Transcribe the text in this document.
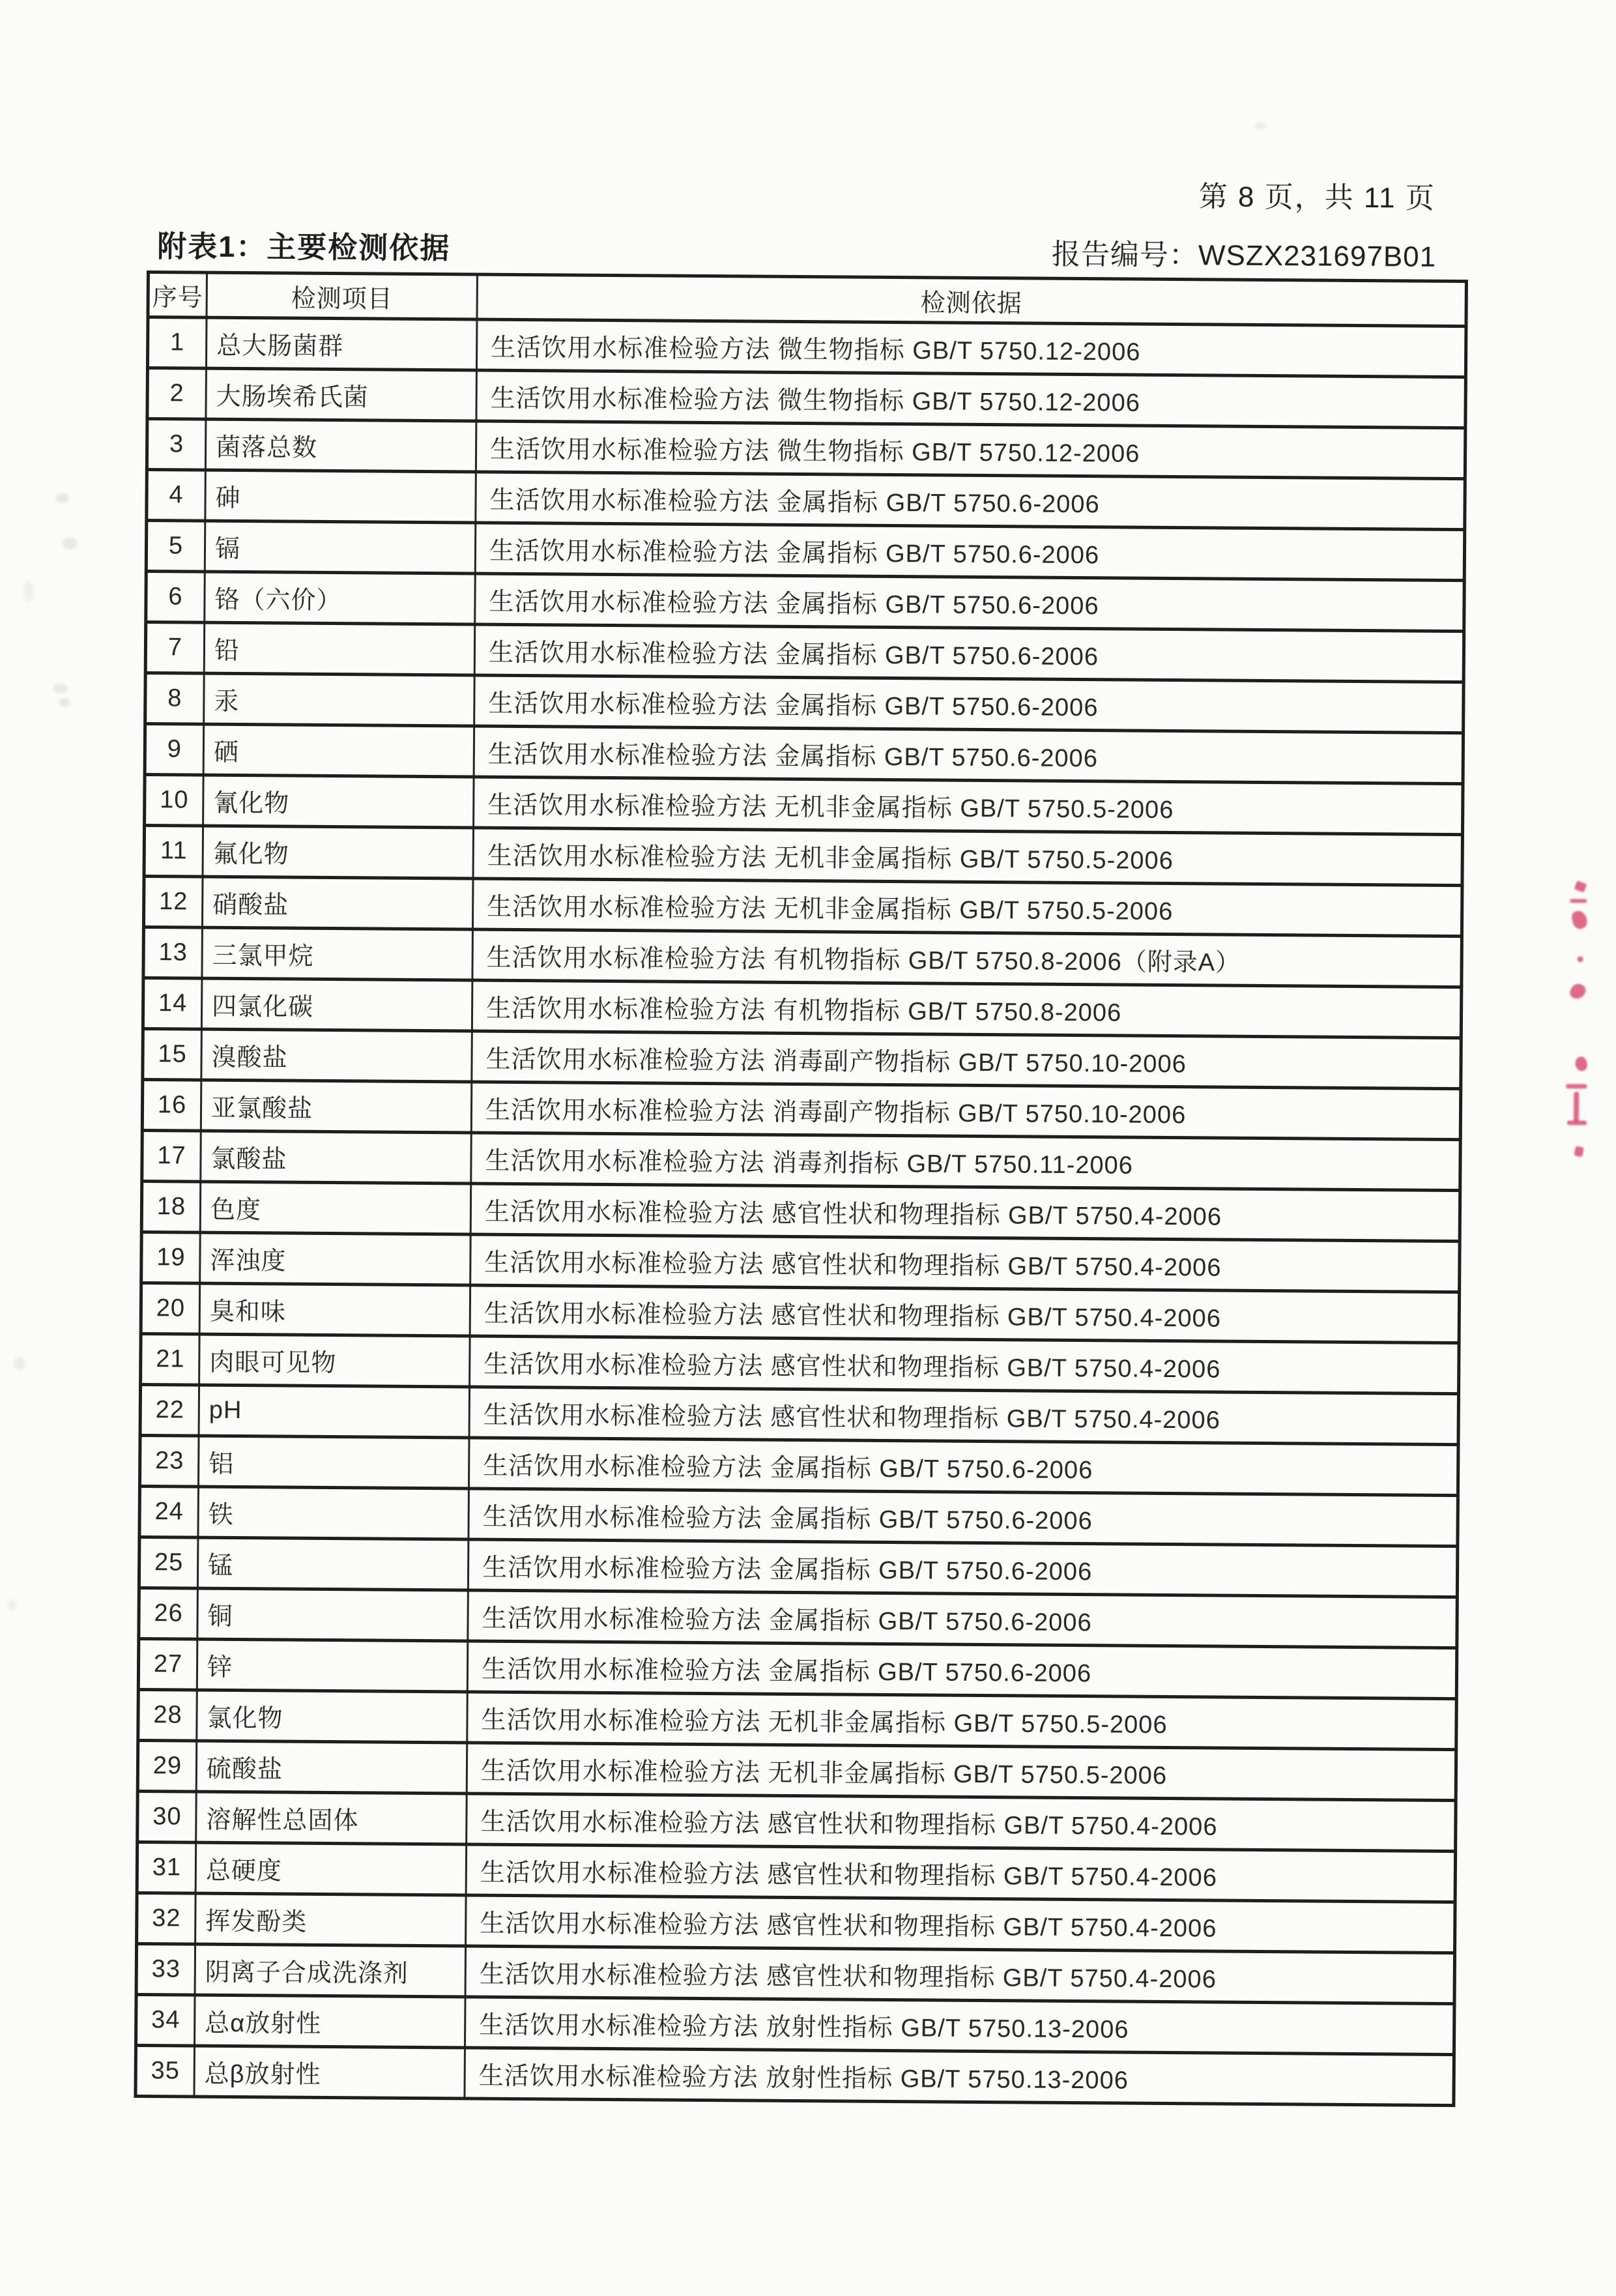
第 8 页，共 11 页
报告编号：WSZX231697B01
附表1：主要检测依据
序号	检测项目	检测依据
1	总大肠菌群	生活饮用水标准检验方法 微生物指标 GB/T 5750.12-2006
2	大肠埃希氏菌	生活饮用水标准检验方法 微生物指标 GB/T 5750.12-2006
3	菌落总数	生活饮用水标准检验方法 微生物指标 GB/T 5750.12-2006
4	砷	生活饮用水标准检验方法 金属指标 GB/T 5750.6-2006
5	镉	生活饮用水标准检验方法 金属指标 GB/T 5750.6-2006
6	铬（六价）	生活饮用水标准检验方法 金属指标 GB/T 5750.6-2006
7	铅	生活饮用水标准检验方法 金属指标 GB/T 5750.6-2006
8	汞	生活饮用水标准检验方法 金属指标 GB/T 5750.6-2006
9	硒	生活饮用水标准检验方法 金属指标 GB/T 5750.6-2006
10	氰化物	生活饮用水标准检验方法 无机非金属指标 GB/T 5750.5-2006
11	氟化物	生活饮用水标准检验方法 无机非金属指标 GB/T 5750.5-2006
12	硝酸盐	生活饮用水标准检验方法 无机非金属指标 GB/T 5750.5-2006
13	三氯甲烷	生活饮用水标准检验方法 有机物指标 GB/T 5750.8-2006（附录A）
14	四氯化碳	生活饮用水标准检验方法 有机物指标 GB/T 5750.8-2006
15	溴酸盐	生活饮用水标准检验方法 消毒副产物指标 GB/T 5750.10-2006
16	亚氯酸盐	生活饮用水标准检验方法 消毒副产物指标 GB/T 5750.10-2006
17	氯酸盐	生活饮用水标准检验方法 消毒剂指标 GB/T 5750.11-2006
18	色度	生活饮用水标准检验方法 感官性状和物理指标 GB/T 5750.4-2006
19	浑浊度	生活饮用水标准检验方法 感官性状和物理指标 GB/T 5750.4-2006
20	臭和味	生活饮用水标准检验方法 感官性状和物理指标 GB/T 5750.4-2006
21	肉眼可见物	生活饮用水标准检验方法 感官性状和物理指标 GB/T 5750.4-2006
22	pH	生活饮用水标准检验方法 感官性状和物理指标 GB/T 5750.4-2006
23	铝	生活饮用水标准检验方法 金属指标 GB/T 5750.6-2006
24	铁	生活饮用水标准检验方法 金属指标 GB/T 5750.6-2006
25	锰	生活饮用水标准检验方法 金属指标 GB/T 5750.6-2006
26	铜	生活饮用水标准检验方法 金属指标 GB/T 5750.6-2006
27	锌	生活饮用水标准检验方法 金属指标 GB/T 5750.6-2006
28	氯化物	生活饮用水标准检验方法 无机非金属指标 GB/T 5750.5-2006
29	硫酸盐	生活饮用水标准检验方法 无机非金属指标 GB/T 5750.5-2006
30	溶解性总固体	生活饮用水标准检验方法 感官性状和物理指标 GB/T 5750.4-2006
31	总硬度	生活饮用水标准检验方法 感官性状和物理指标 GB/T 5750.4-2006
32	挥发酚类	生活饮用水标准检验方法 感官性状和物理指标 GB/T 5750.4-2006
33	阴离子合成洗涤剂	生活饮用水标准检验方法 感官性状和物理指标 GB/T 5750.4-2006
34	总α放射性	生活饮用水标准检验方法 放射性指标 GB/T 5750.13-2006
35	总β放射性	生活饮用水标准检验方法 放射性指标 GB/T 5750.13-2006
